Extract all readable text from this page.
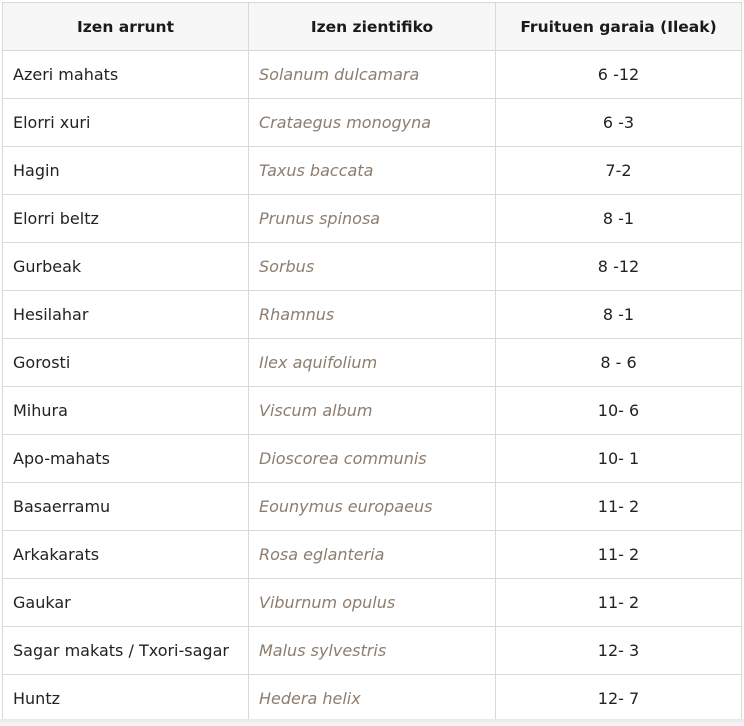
Izen arrunt	Izen zientifiko	Fruituen garaia (Ileak)
Azeri mahats	Solanum dulcamara	6 -12
Elorri xuri	Crataegus monogyna	6 -3
Hagin	Taxus baccata	7-2
Elorri beltz	Prunus spinosa	8 -1
Gurbeak	Sorbus	8 -12
Hesilahar	Rhamnus	8 -1
Gorosti	Ilex aquifolium	8 - 6
Mihura	Viscum album	10- 6
Apo-mahats	Dioscorea communis	10- 1
Basaerramu	Eounymus europaeus	11- 2
Arkakarats	Rosa eglanteria	11- 2
Gaukar	Viburnum opulus	11- 2
Sagar makats / Txori-sagar	Malus sylvestris	12- 3
Huntz	Hedera helix	12- 7
